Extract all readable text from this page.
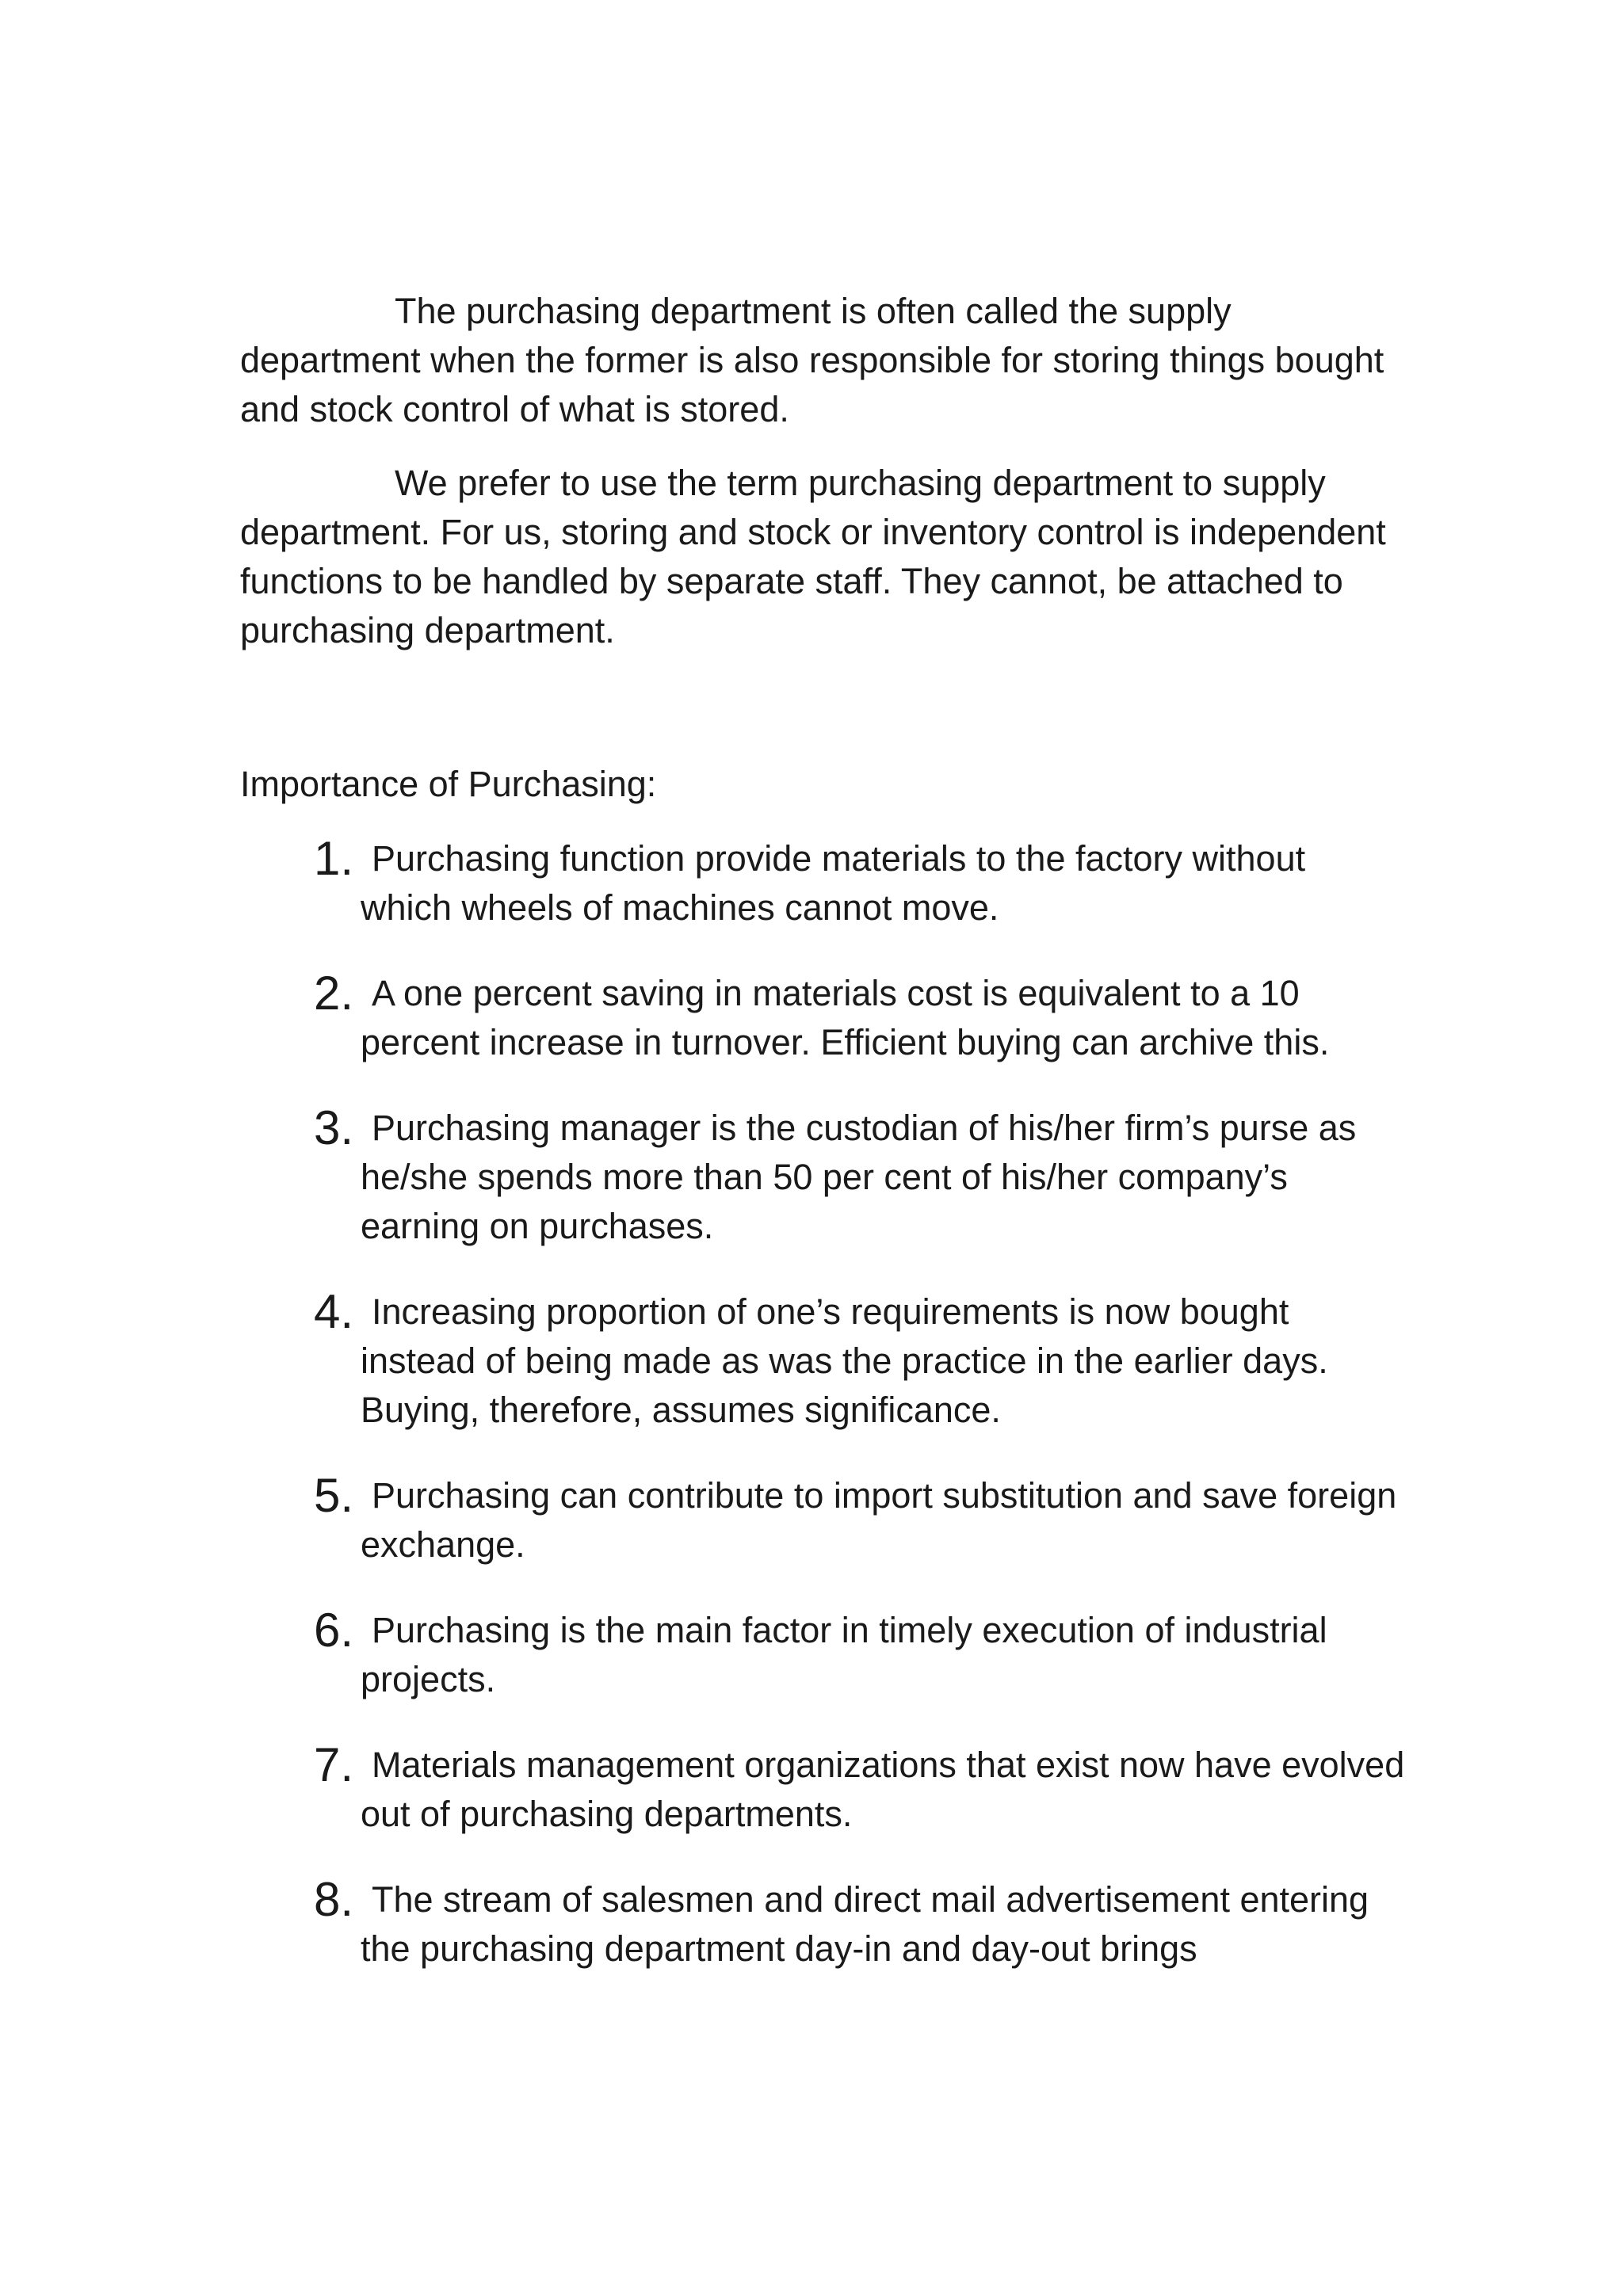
The purchasing department is often called the supply department when the former is also responsible for storing things bought and stock control of what is stored.

We prefer to use the term purchasing department to supply department. For us, storing and stock or inventory control is independent functions to be handled by separate staff. They cannot, be attached to purchasing department.

Importance of Purchasing:
1. Purchasing function provide materials to the factory without which wheels of machines cannot move.
2. A one percent saving in materials cost is equivalent to a 10 percent increase in turnover. Efficient buying can archive this.
3. Purchasing manager is the custodian of his/her firm’s purse as he/she spends more than 50 per cent of his/her company’s earning on purchases.
4. Increasing proportion of one’s requirements is now bought instead of being made as was the practice in the earlier days. Buying, therefore, assumes significance.
5. Purchasing can contribute to import substitution and save foreign exchange.
6. Purchasing is the main factor in timely execution of industrial projects.
7. Materials management organizations that exist now have evolved out of purchasing departments.
8. The stream of salesmen and direct mail advertisement entering the purchasing department day-in and day-out brings
